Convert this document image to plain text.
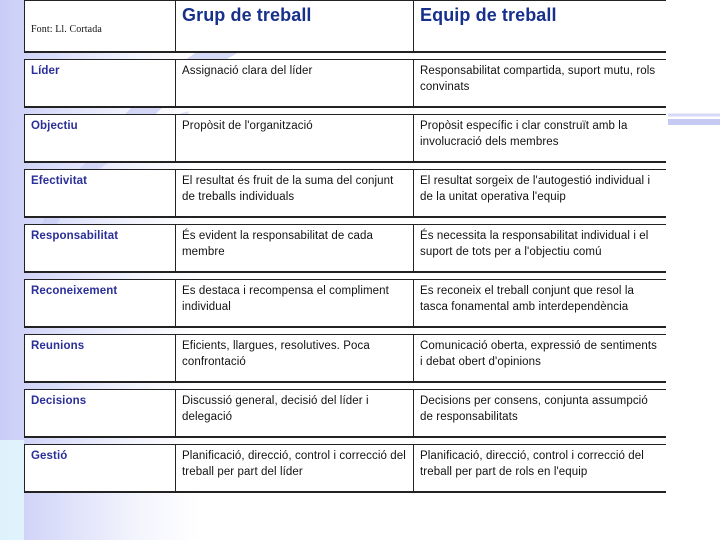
Font: Ll. Cortada	Grup de treball	Equip de treball

Líder	Assignació clara del líder	Responsabilitat compartida, suport mutu, rols convinats

Objectiu	Propòsit de l'organització	Propòsit específic i clar construït amb la involucració dels membres

Efectivitat	El resultat és fruit de la suma del conjunt de treballs individuals	El resultat sorgeix de l'autogestió individual i de la unitat operativa l'equip

Responsabilitat	És evident la responsabilitat de cada membre	És necessita la responsabilitat individual i el suport de tots per a l'objectiu comú

Reconeixement	Es destaca i recompensa el compliment individual	Es reconeix el treball conjunt que resol la tasca fonamental amb interdependència

Reunions	Eficients, llargues, resolutives. Poca confrontació	Comunicació oberta, expressió de sentiments i debat obert d'opinions

Decisions	Discussió general, decisió del líder i delegació	Decisions per consens, conjunta assumpció de responsabilitats

Gestió	Planificació, direcció, control i correcció del treball per part del líder	Planificació, direcció, control i correcció del treball per part de rols en l'equip
